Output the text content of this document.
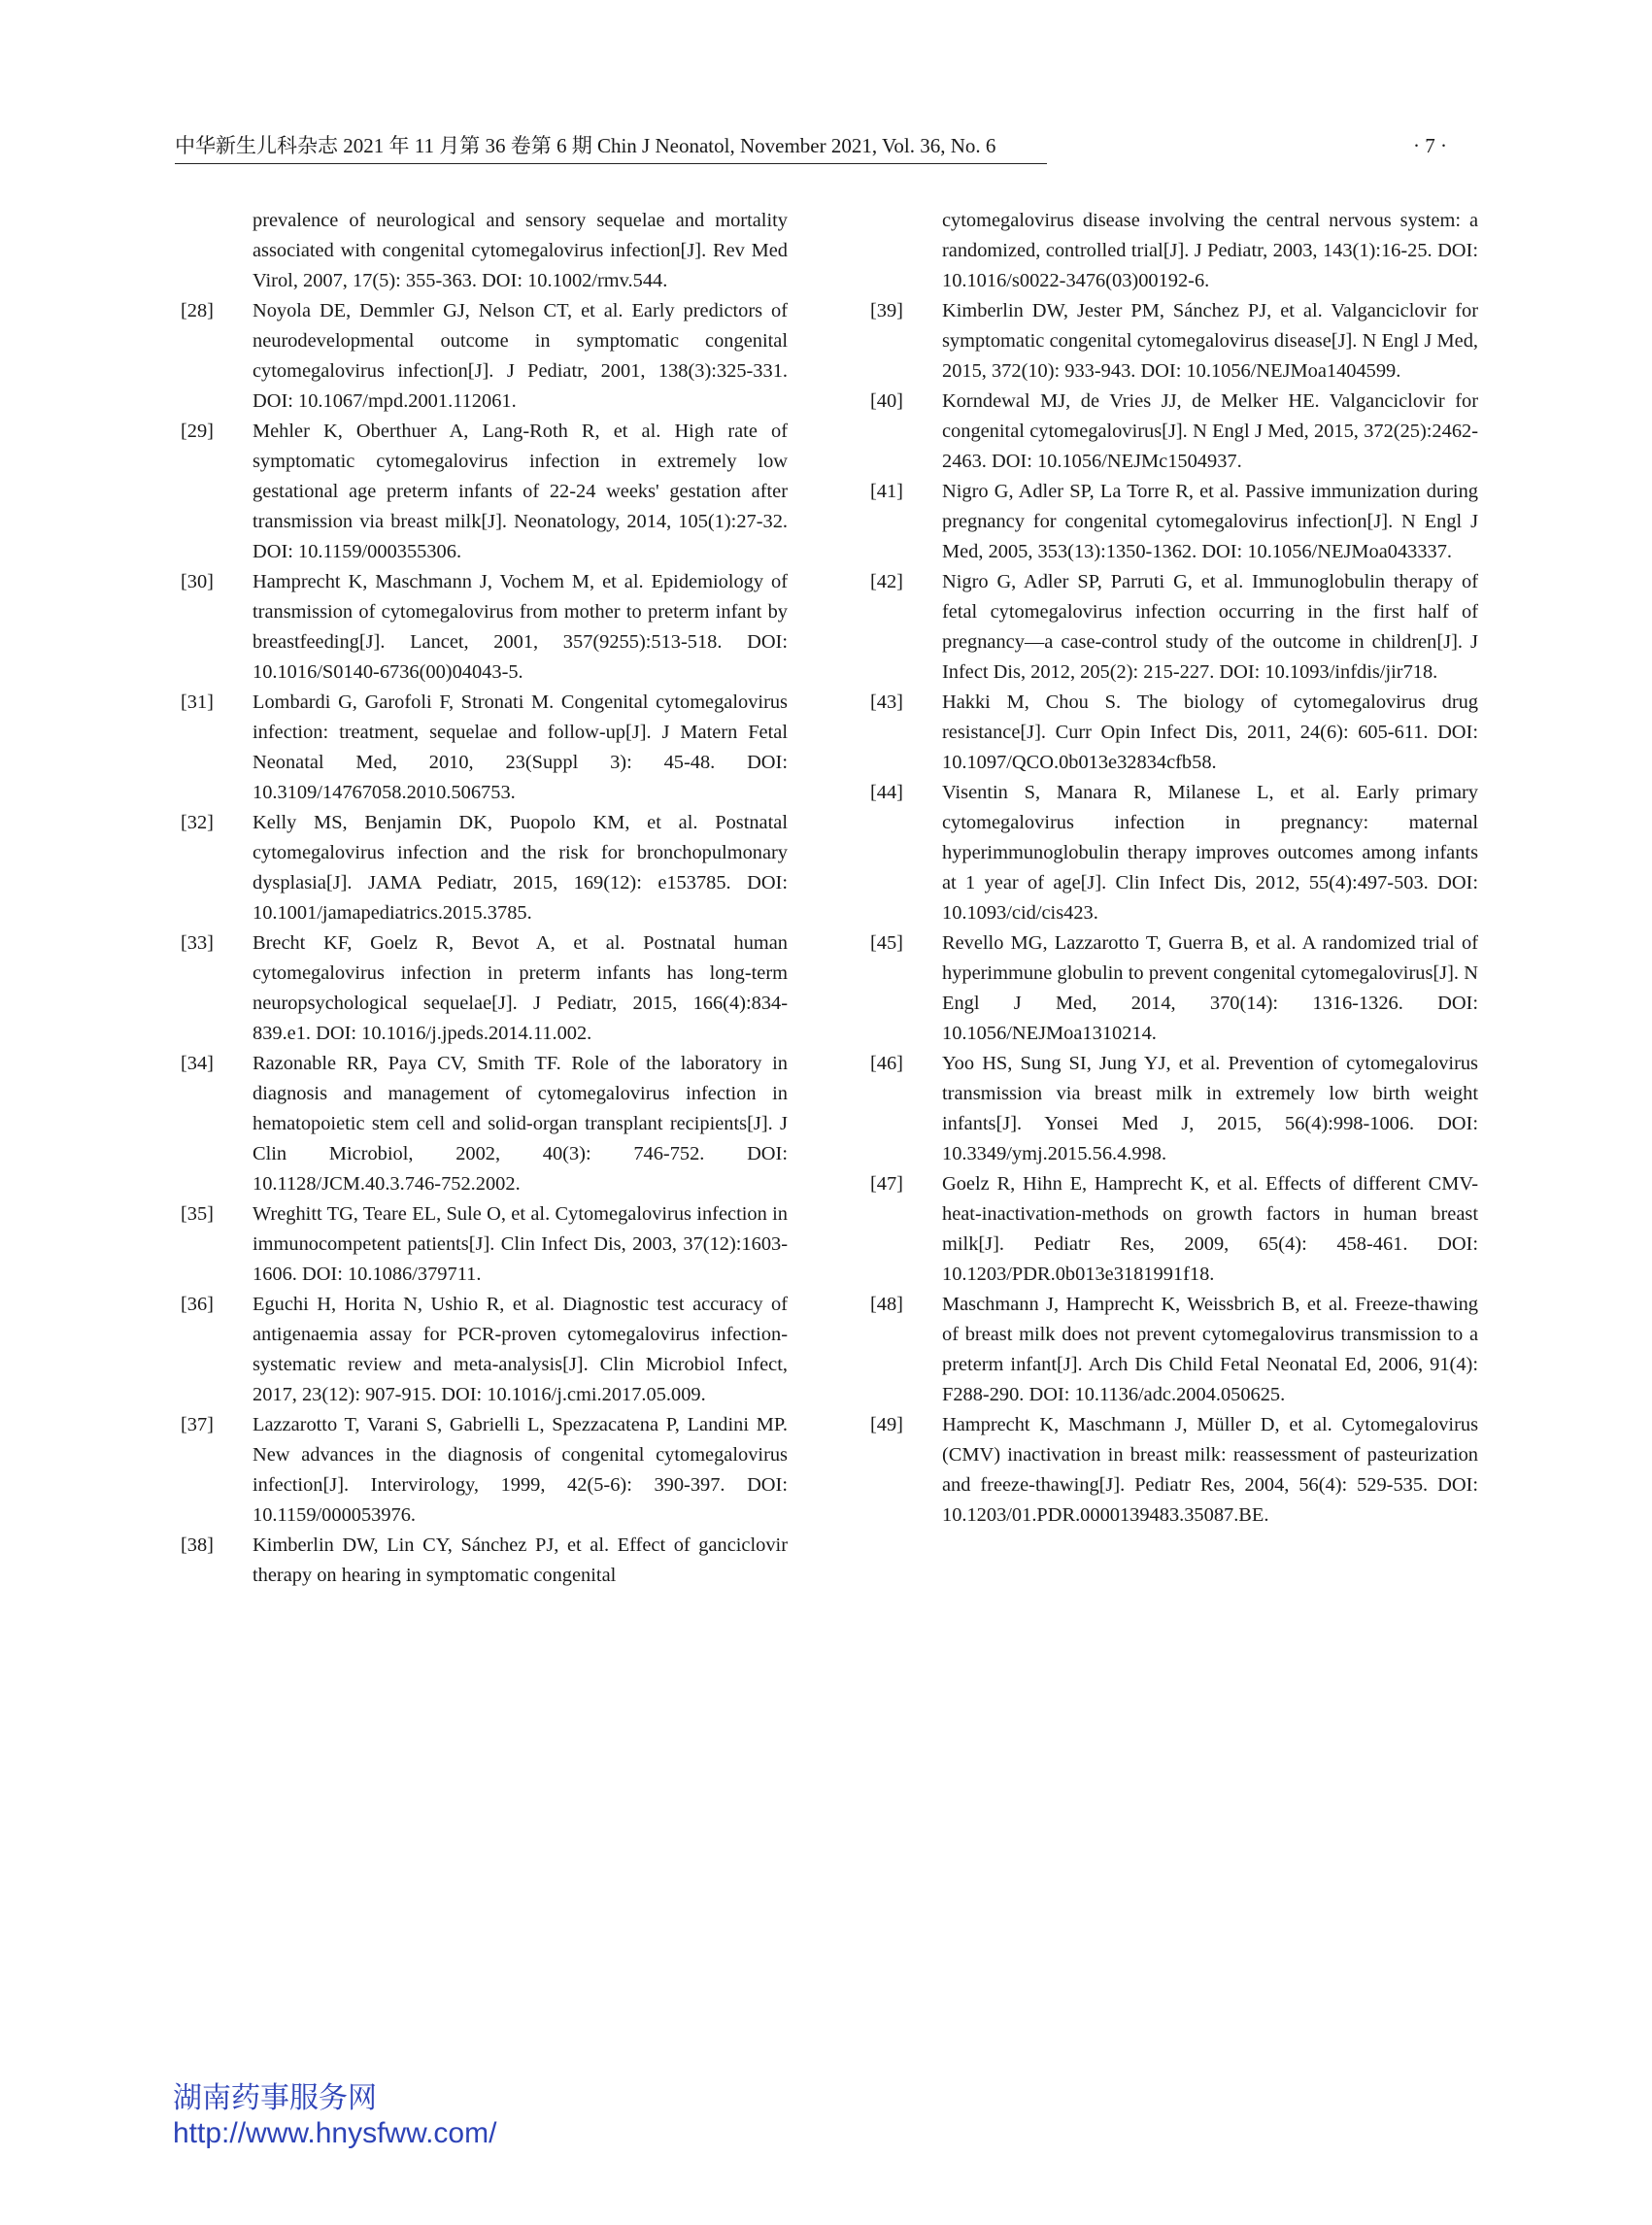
中华新生儿科杂志 2021 年 11 月第 36 卷第 6 期 Chin J Neonatol, November 2021, Vol. 36, No. 6	· 7 ·
prevalence of neurological and sensory sequelae and mortality associated with congenital cytomegalovirus infection[J]. Rev Med Virol, 2007, 17(5): 355-363. DOI: 10.1002/rmv.544.
[28] Noyola DE, Demmler GJ, Nelson CT, et al. Early predictors of neurodevelopmental outcome in symptomatic congenital cytomegalovirus infection[J]. J Pediatr, 2001, 138(3):325-331. DOI: 10.1067/mpd.2001.112061.
[29] Mehler K, Oberthuer A, Lang-Roth R, et al. High rate of symptomatic cytomegalovirus infection in extremely low gestational age preterm infants of 22-24 weeks' gestation after transmission via breast milk[J]. Neonatology, 2014, 105(1):27-32. DOI: 10.1159/000355306.
[30] Hamprecht K, Maschmann J, Vochem M, et al. Epidemiology of transmission of cytomegalovirus from mother to preterm infant by breastfeeding[J]. Lancet, 2001, 357(9255):513-518. DOI: 10.1016/S0140-6736(00)04043-5.
[31] Lombardi G, Garofoli F, Stronati M. Congenital cytomegalovirus infection: treatment, sequelae and follow-up[J]. J Matern Fetal Neonatal Med, 2010, 23(Suppl 3): 45-48. DOI: 10.3109/14767058.2010.506753.
[32] Kelly MS, Benjamin DK, Puopolo KM, et al. Postnatal cytomegalovirus infection and the risk for bronchopulmonary dysplasia[J]. JAMA Pediatr, 2015, 169(12): e153785. DOI: 10.1001/jamapediatrics.2015.3785.
[33] Brecht KF, Goelz R, Bevot A, et al. Postnatal human cytomegalovirus infection in preterm infants has long-term neuropsychological sequelae[J]. J Pediatr, 2015, 166(4):834-839.e1. DOI: 10.1016/j.jpeds.2014.11.002.
[34] Razonable RR, Paya CV, Smith TF. Role of the laboratory in diagnosis and management of cytomegalovirus infection in hematopoietic stem cell and solid-organ transplant recipients[J]. J Clin Microbiol, 2002, 40(3): 746-752. DOI: 10.1128/JCM.40.3.746-752.2002.
[35] Wreghitt TG, Teare EL, Sule O, et al. Cytomegalovirus infection in immunocompetent patients[J]. Clin Infect Dis, 2003, 37(12):1603-1606. DOI: 10.1086/379711.
[36] Eguchi H, Horita N, Ushio R, et al. Diagnostic test accuracy of antigenaemia assay for PCR-proven cytomegalovirus infection-systematic review and meta-analysis[J]. Clin Microbiol Infect, 2017, 23(12): 907-915. DOI: 10.1016/j.cmi.2017.05.009.
[37] Lazzarotto T, Varani S, Gabrielli L, Spezzacatena P, Landini MP. New advances in the diagnosis of congenital cytomegalovirus infection[J]. Intervirology, 1999, 42(5-6): 390-397. DOI: 10.1159/000053976.
[38] Kimberlin DW, Lin CY, Sánchez PJ, et al. Effect of ganciclovir therapy on hearing in symptomatic congenital
cytomegalovirus disease involving the central nervous system: a randomized, controlled trial[J]. J Pediatr, 2003, 143(1):16-25. DOI: 10.1016/s0022-3476(03)00192-6.
[39] Kimberlin DW, Jester PM, Sánchez PJ, et al. Valganciclovir for symptomatic congenital cytomegalovirus disease[J]. N Engl J Med, 2015, 372(10): 933-943. DOI: 10.1056/NEJMoa1404599.
[40] Korndewal MJ, de Vries JJ, de Melker HE. Valganciclovir for congenital cytomegalovirus[J]. N Engl J Med, 2015, 372(25):2462-2463. DOI: 10.1056/NEJMc1504937.
[41] Nigro G, Adler SP, La Torre R, et al. Passive immunization during pregnancy for congenital cytomegalovirus infection[J]. N Engl J Med, 2005, 353(13):1350-1362. DOI: 10.1056/NEJMoa043337.
[42] Nigro G, Adler SP, Parruti G, et al. Immunoglobulin therapy of fetal cytomegalovirus infection occurring in the first half of pregnancy—a case-control study of the outcome in children[J]. J Infect Dis, 2012, 205(2): 215-227. DOI: 10.1093/infdis/jir718.
[43] Hakki M, Chou S. The biology of cytomegalovirus drug resistance[J]. Curr Opin Infect Dis, 2011, 24(6): 605-611. DOI: 10.1097/QCO.0b013e32834cfb58.
[44] Visentin S, Manara R, Milanese L, et al. Early primary cytomegalovirus infection in pregnancy: maternal hyperimmunoglobulin therapy improves outcomes among infants at 1 year of age[J]. Clin Infect Dis, 2012, 55(4):497-503. DOI: 10.1093/cid/cis423.
[45] Revello MG, Lazzarotto T, Guerra B, et al. A randomized trial of hyperimmune globulin to prevent congenital cytomegalovirus[J]. N Engl J Med, 2014, 370(14): 1316-1326. DOI: 10.1056/NEJMoa1310214.
[46] Yoo HS, Sung SI, Jung YJ, et al. Prevention of cytomegalovirus transmission via breast milk in extremely low birth weight infants[J]. Yonsei Med J, 2015, 56(4):998-1006. DOI: 10.3349/ymj.2015.56.4.998.
[47] Goelz R, Hihn E, Hamprecht K, et al. Effects of different CMV-heat-inactivation-methods on growth factors in human breast milk[J]. Pediatr Res, 2009, 65(4): 458-461. DOI: 10.1203/PDR.0b013e3181991f18.
[48] Maschmann J, Hamprecht K, Weissbrich B, et al. Freeze-thawing of breast milk does not prevent cytomegalovirus transmission to a preterm infant[J]. Arch Dis Child Fetal Neonatal Ed, 2006, 91(4): F288-290. DOI: 10.1136/adc.2004.050625.
[49] Hamprecht K, Maschmann J, Müller D, et al. Cytomegalovirus (CMV) inactivation in breast milk: reassessment of pasteurization and freeze-thawing[J]. Pediatr Res, 2004, 56(4): 529-535. DOI: 10.1203/01.PDR.0000139483.35087.BE.
湖南药事服务网
http://www.hnysfww.com/
